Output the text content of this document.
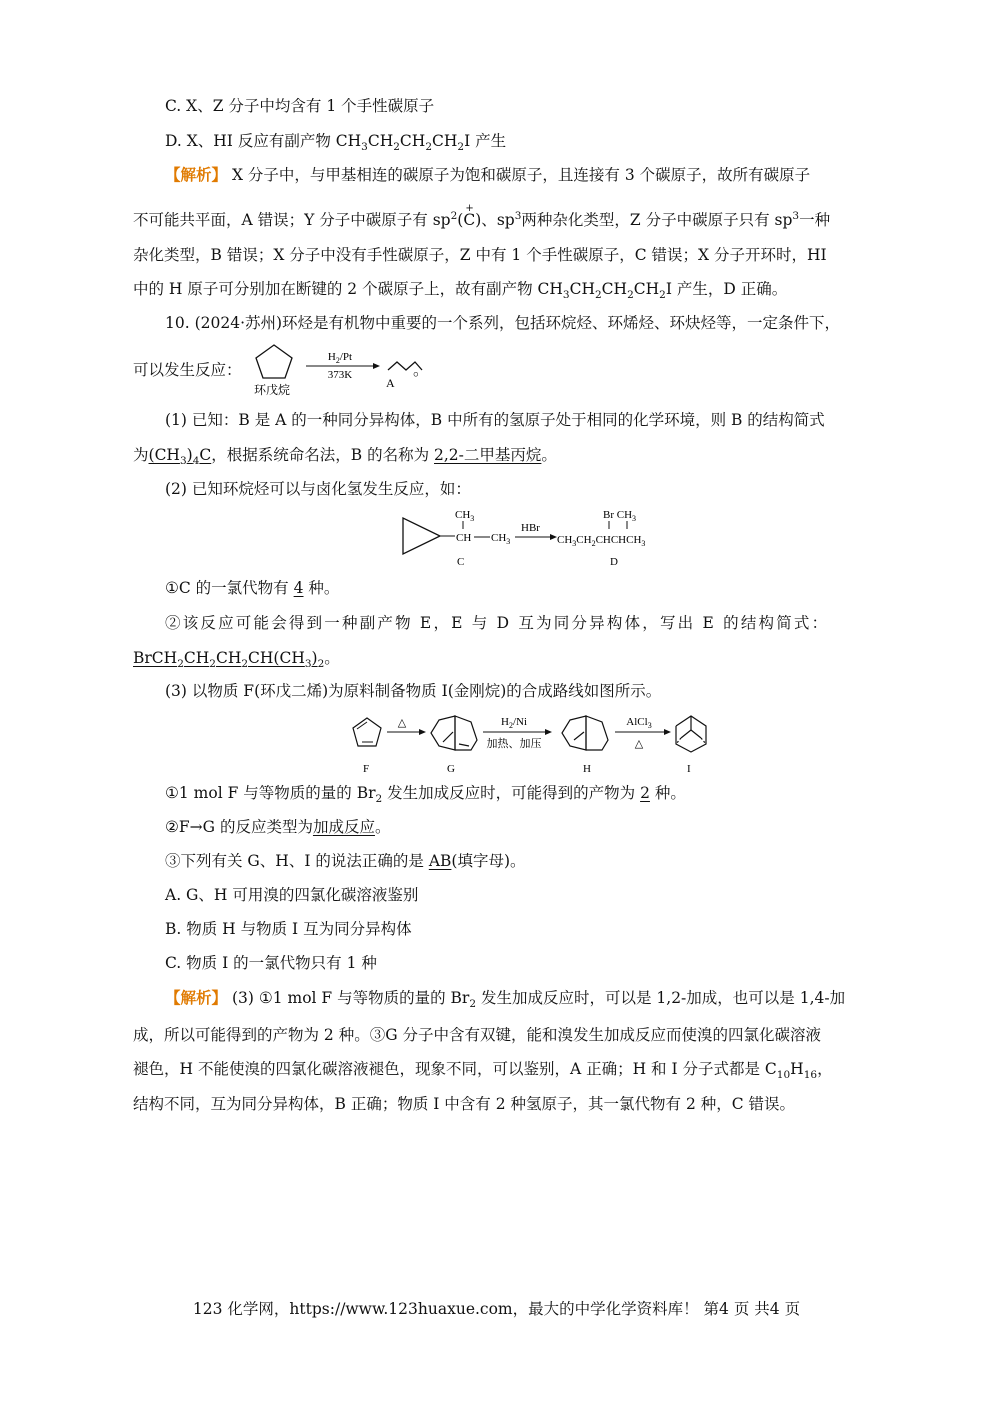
C. X、Z 分子中均含有 1 个手性碳原子
D. X、HI 反应有副产物 $CH_3CH_2CH_2CH_2I$ 产生
【解析】 X 分子中，与甲基相连的碳原子为饱和碳原子，且连接有 3 个碳原子，故所有碳原子
不可能共平面，A 错误；Y 分子中碳原子有 $sp^2(C$
+
)、$sp^3$两种杂化类型，Z 分子中碳原子只有 $sp^3$一种
杂化类型，B 错误；X 分子中没有手性碳原子，Z 中有 1 个手性碳原子，C 错误；X 分子开环时，HI
中的 H 原子可分别加在断键的 2 个碳原子上，故有副产物 $CH_3CH_2CH_2CH_2I$ 产生，D 正确。
10. (2024·苏州)环烃是有机物中重要的一个系列，包括环烷烃、环烯烃、环炔烃等，一定条件下，
可以发生反应：
环戊烷
$H_2/Pt$
373K
A
。
(1) 已知：B 是 A 的一种同分异构体，B 中所有的氢原子处于相同的化学环境，则 B 的结构简式
为$(CH_3)_4C$，根据系统命名法，B 的名称为 2,2-二甲基丙烷。
(2) 已知环烷烃可以与卤化氢发生反应，如：
$CH_3$
CH $CH_3$
HBr
Br $CH_3$
$CH_3CH_2CHCHCH_3$
C	D
①C 的一氯代物有 4 种。
②该反应可能会得到一种副产物 E，E 与 D 互为同分异构体，写出 E 的结构简式：
$BrCH_2CH_2CH_2CH(CH_3)_2$。
(3) 以物质 F(环戊二烯)为原料制备物质 I(金刚烷)的合成路线如图所示。
△	$H_2/Ni$
加热、加压
AlCl$_3$
△
F	G	H	I
①1 mol F 与等物质的量的 $Br_2$ 发生加成反应时，可能得到的产物为 2 种。
②F→G 的反应类型为加成反应。
③下列有关 G、H、I 的说法正确的是 AB(填字母)。
A. G、H 可用溴的四氯化碳溶液鉴别
B. 物质 H 与物质 I 互为同分异构体
C. 物质 I 的一氯代物只有 1 种
【解析】 (3) ①1 mol F 与等物质的量的 $Br_2$ 发生加成反应时，可以是 1,2-加成，也可以是 1,4-加
成，所以可能得到的产物为 2 种。③G 分子中含有双键，能和溴发生加成反应而使溴的四氯化碳溶液
褪色，H 不能使溴的四氯化碳溶液褪色，现象不同，可以鉴别，A 正确；H 和 I 分子式都是 $C_{10}H_{16}$，
结构不同，互为同分异构体，B 正确；物质 I 中含有 2 种氢原子，其一氯代物有 2 种，C 错误。
123 化学网，https://www.123huaxue.com，最大的中学化学资料库！ 第4 页 共4 页
